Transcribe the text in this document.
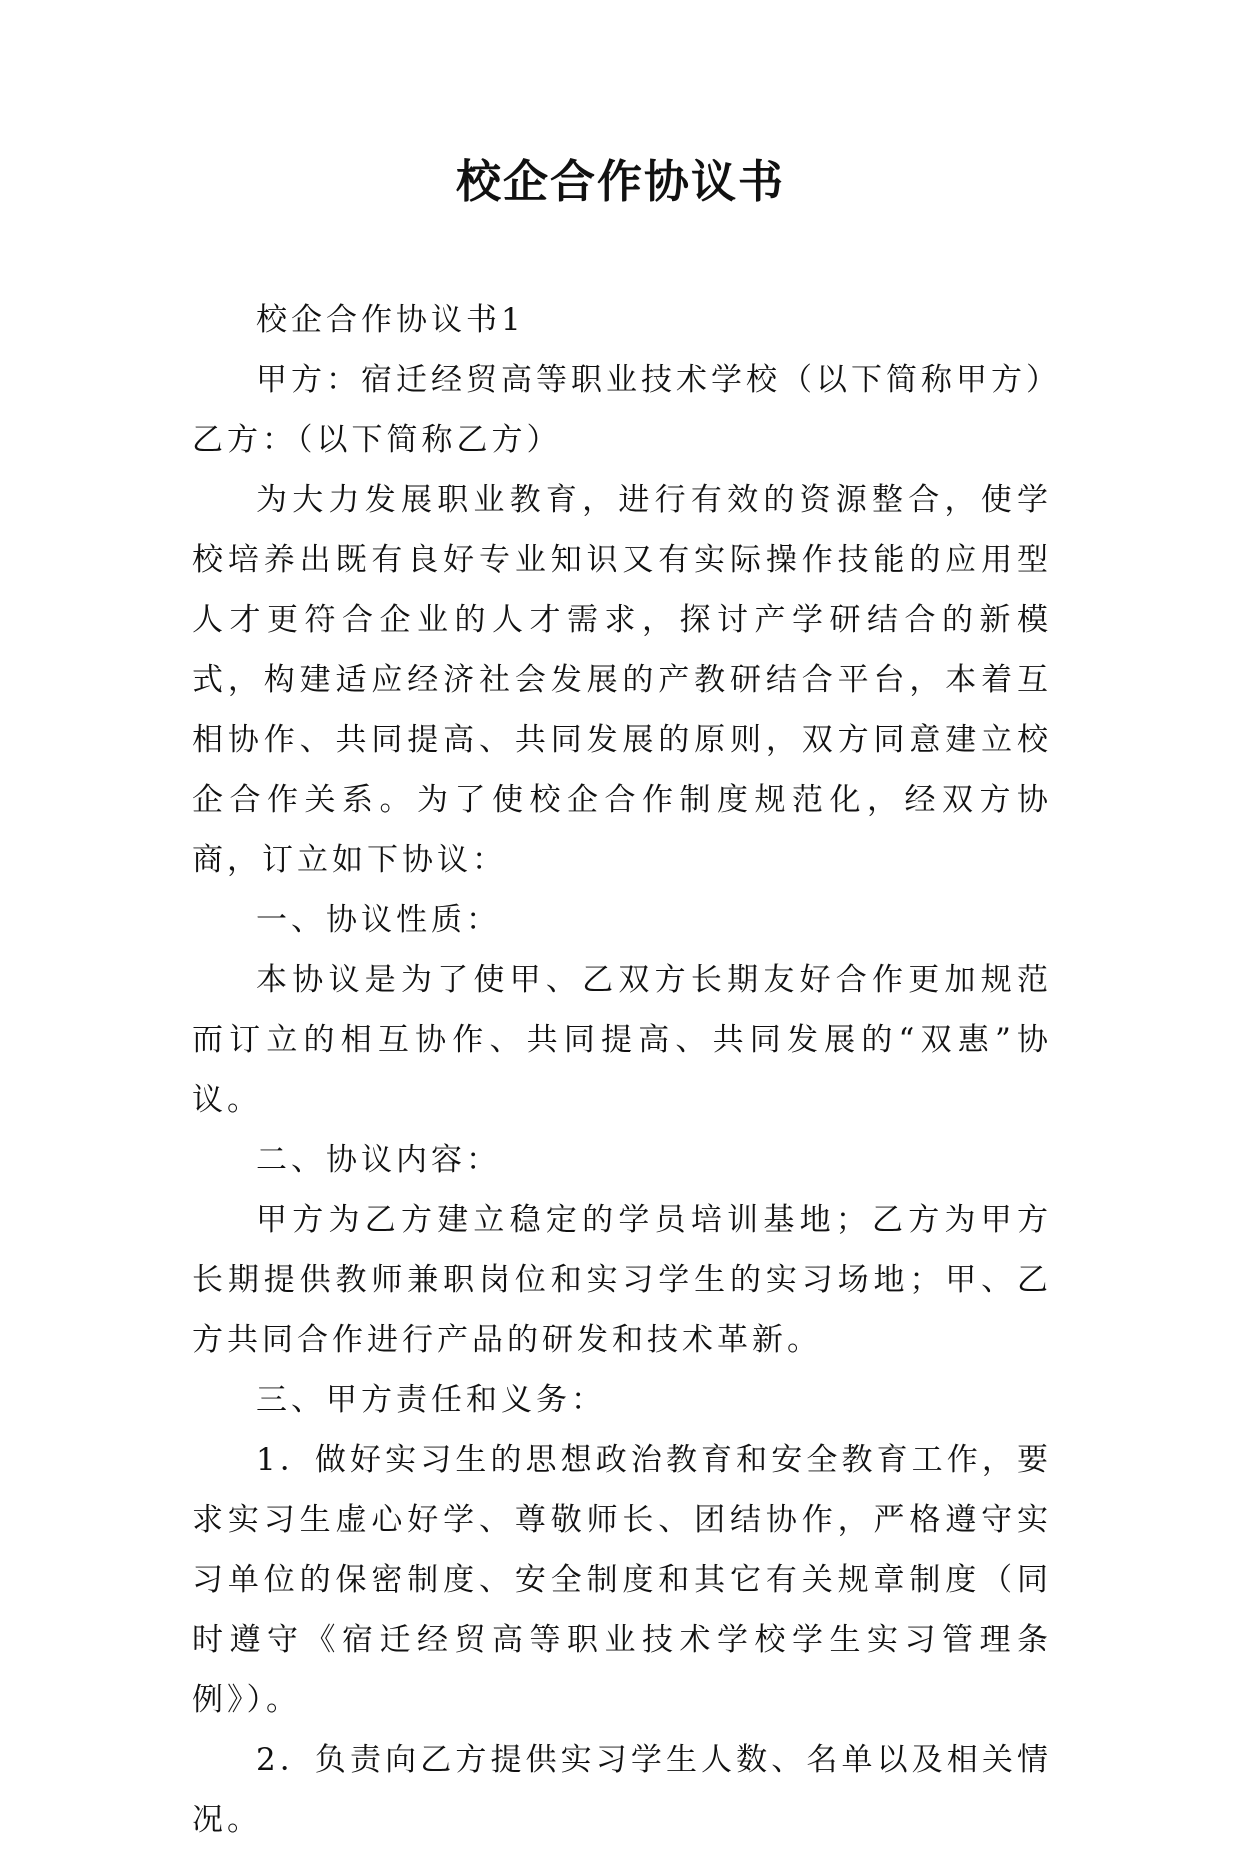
校企合作协议书

校企合作协议书1

甲方：宿迁经贸高等职业技术学校（以下简称甲方）

乙方：（以下简称乙方）

为大力发展职业教育，进行有效的资源整合，使学校培养出既有良好专业知识又有实际操作技能的应用型人才更符合企业的人才需求，探讨产学研结合的新模式，构建适应经济社会发展的产教研结合平台，本着互相协作、共同提高、共同发展的原则，双方同意建立校企合作关系。为了使校企合作制度规范化，经双方协商，订立如下协议：

一、协议性质：

本协议是为了使甲、乙双方长期友好合作更加规范而订立的相互协作、共同提高、共同发展的“双惠”协议。

二、协议内容：

甲方为乙方建立稳定的学员培训基地；乙方为甲方长期提供教师兼职岗位和实习学生的实习场地；甲、乙方共同合作进行产品的研发和技术革新。

三、甲方责任和义务：

1．做好实习生的思想政治教育和安全教育工作，要求实习生虚心好学、尊敬师长、团结协作，严格遵守实习单位的保密制度、安全制度和其它有关规章制度（同时遵守《宿迁经贸高等职业技术学校学生实习管理条例》）。

2．负责向乙方提供实习学生人数、名单以及相关情况。
